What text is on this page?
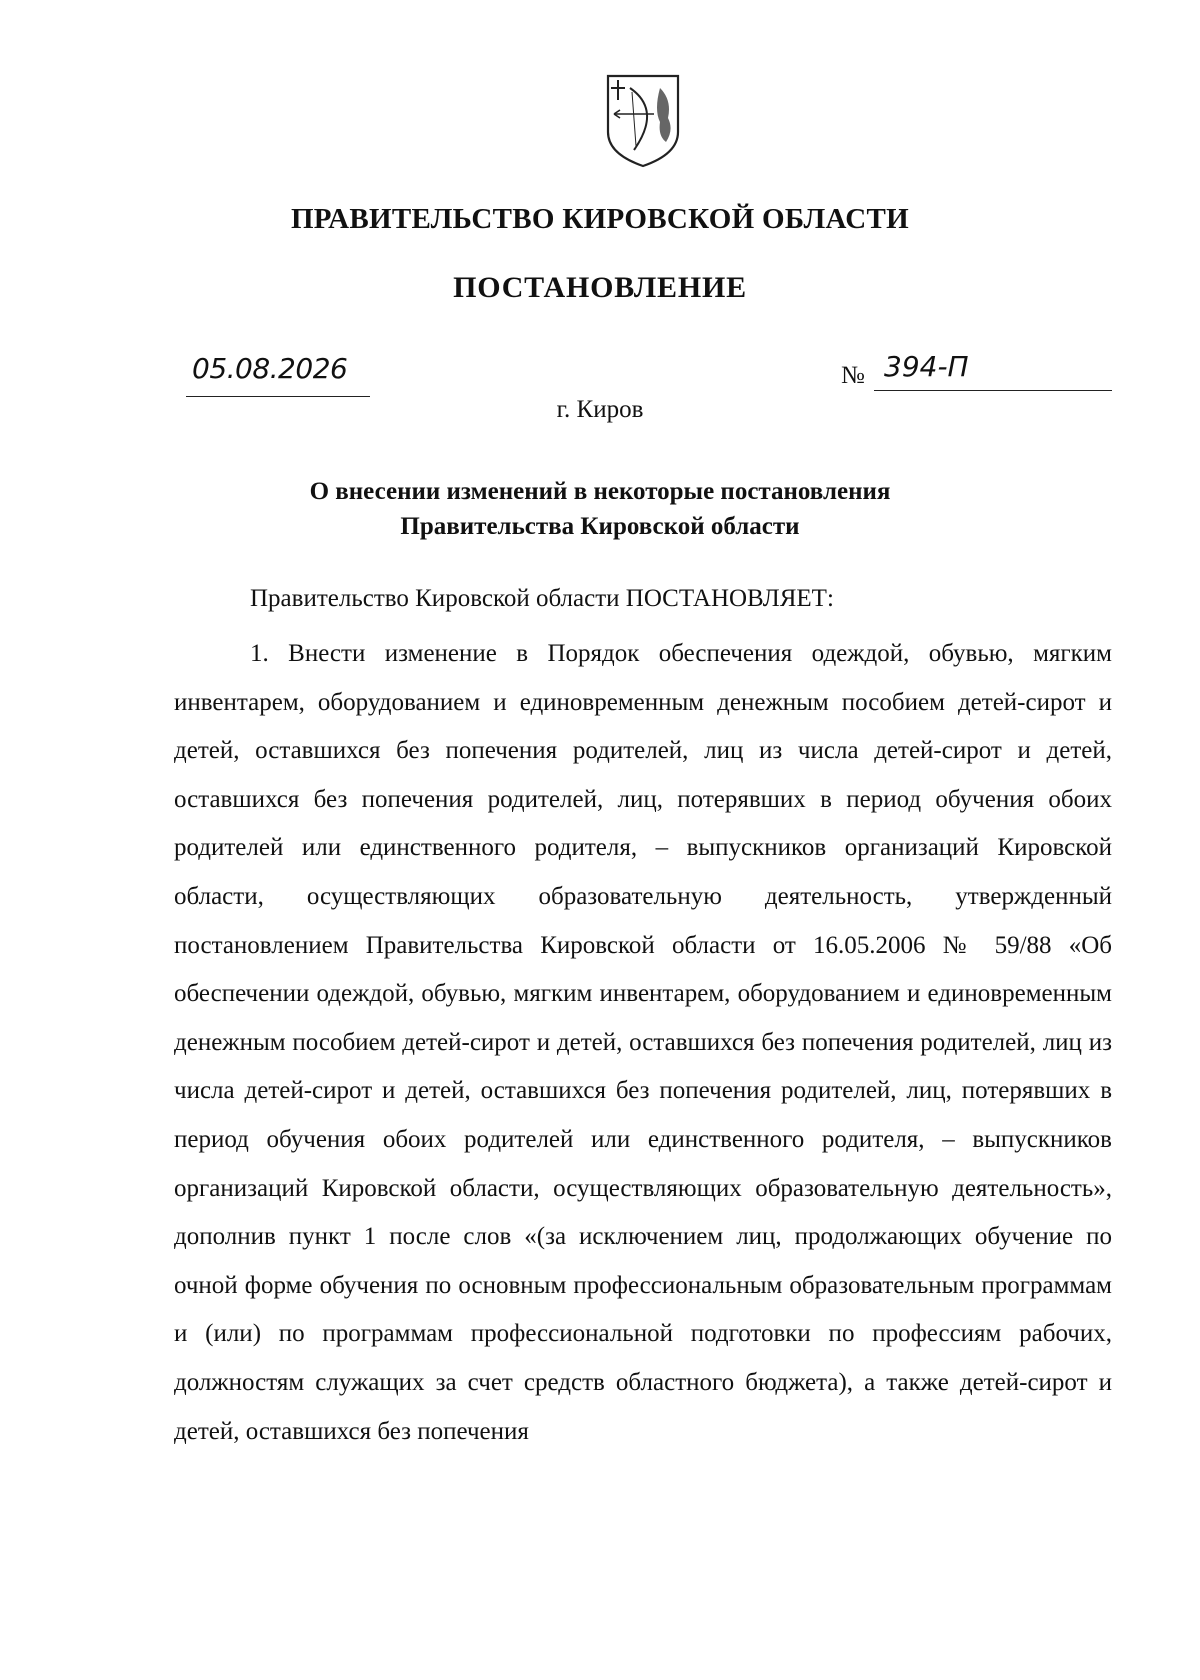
ПРАВИТЕЛЬСТВО КИРОВСКОЙ ОБЛАСТИ
ПОСТАНОВЛЕНИЕ
05.08.2026	№ 394-П
г. Киров
О внесении изменений в некоторые постановления
Правительства Кировской области
Правительство Кировской области ПОСТАНОВЛЯЕТ:
1. Внести изменение в Порядок обеспечения одеждой, обувью, мягким инвентарем, оборудованием и единовременным денежным пособием детей-сирот и детей, оставшихся без попечения родителей, лиц из числа детей-сирот и детей, оставшихся без попечения родителей, лиц, потерявших в период обучения обоих родителей или единственного родителя, – выпускников организаций Кировской области, осуществляющих образовательную деятельность, утвержденный постановлением Правительства Кировской области от 16.05.2006 № 59/88 «Об обеспечении одеждой, обувью, мягким инвентарем, оборудованием и единовременным денежным пособием детей-сирот и детей, оставшихся без попечения родителей, лиц из числа детей-сирот и детей, оставшихся без попечения родителей, лиц, потерявших в период обучения обоих родителей или единственного родителя, – выпускников организаций Кировской области, осуществляющих образовательную деятельность», дополнив пункт 1 после слов «(за исключением лиц, продолжающих обучение по очной форме обучения по основным профессиональным образовательным программам и (или) по программам профессиональной подготовки по профессиям рабочих, должностям служащих за счет средств областного бюджета), а также детей-сирот и детей, оставшихся без попечения
